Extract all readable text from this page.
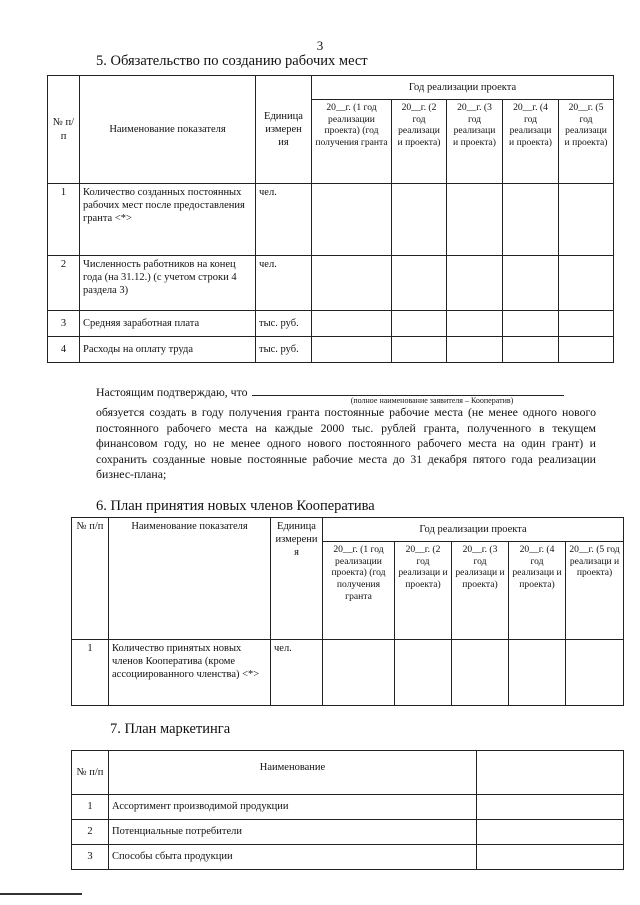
3
5. Обязательство по созданию рабочих мест
№ п/п	Наименование показателя	Единица измерен ия	Год реализации проекта				
			20__г. (1 год реализации проекта) (год получения гранта	20__г. (2 год реализаци и проекта)	20__г. (3 год реализаци и проекта)	20__г. (4 год реализаци и проекта)	20__г. (5 год реализаци и проекта)
1	Количество созданных постоянных рабочих мест после предоставления гранта <*>	чел.					
2	Численность работников на конец года (на 31.12.) (с учетом строки 4 раздела 3)	чел.					
3	Средняя заработная плата	тыс. руб.					
4	Расходы на оплату труда	тыс. руб.					
Настоящим подтверждаю, что
(полное наименование заявителя – Кооператив)
обязуется создать в году получения гранта постоянные рабочие места (не менее одного нового постоянного рабочего места на каждые 2000 тыс. рублей гранта, полученного в текущем финансовом году, но не менее одного нового постоянного рабочего места на один грант) и сохранить созданные новые постоянные рабочие места до 31 декабря пятого года реализации бизнес-плана;
6. План принятия новых членов Кооператива
№ п/п	Наименование показателя	Единица измерени я	Год реализации проекта				
			20__г. (1 год реализации проекта) (год получения гранта	20__г. (2 год реализаци и проекта)	20__г. (3 год реализаци и проекта)	20__г. (4 год реализаци и проекта)	20__г. (5 год реализаци и проекта)
1	Количество принятых новых членов Кооператива (кроме ассоциированного членства) <*>	чел.					
7. План маркетинга
№ п/п	Наименование	
1	Ассортимент производимой продукции	
2	Потенциальные потребители	
3	Способы сбыта продукции	
